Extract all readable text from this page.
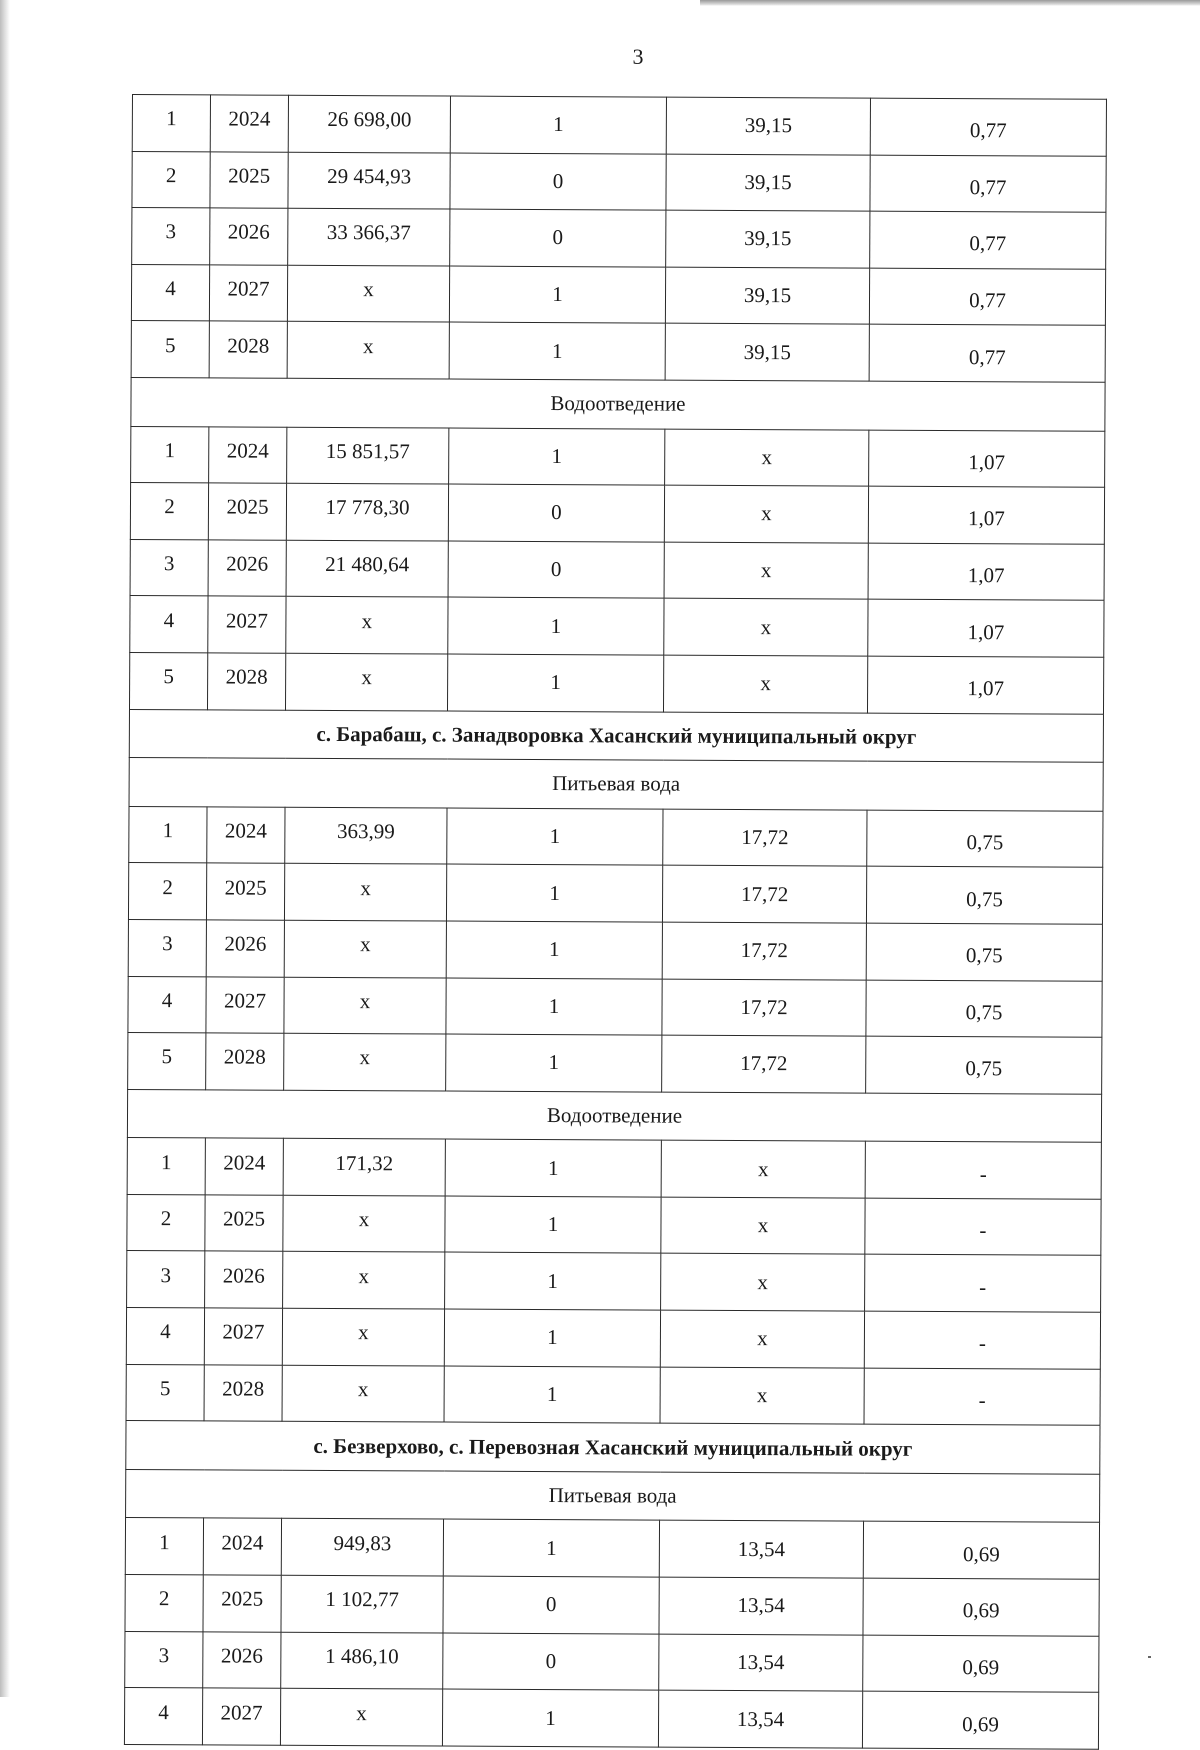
3
1	2024	26 698,00	1	39,15	0,77
2	2025	29 454,93	0	39,15	0,77
3	2026	33 366,37	0	39,15	0,77
4	2027	x	1	39,15	0,77
5	2028	x	1	39,15	0,77
Водоотведение					
1	2024	15 851,57	1	x	1,07
2	2025	17 778,30	0	x	1,07
3	2026	21 480,64	0	x	1,07
4	2027	x	1	x	1,07
5	2028	x	1	x	1,07
с. Барабаш, с. Занадворовка Хасанский муниципальный округ					
Питьевая вода					
1	2024	363,99	1	17,72	0,75
2	2025	x	1	17,72	0,75
3	2026	x	1	17,72	0,75
4	2027	x	1	17,72	0,75
5	2028	x	1	17,72	0,75
Водоотведение					
1	2024	171,32	1	x	-
2	2025	x	1	x	-
3	2026	x	1	x	-
4	2027	x	1	x	-
5	2028	x	1	x	-
с. Безверхово, с. Перевозная Хасанский муниципальный округ					
Питьевая вода					
1	2024	949,83	1	13,54	0,69
2	2025	1 102,77	0	13,54	0,69
3	2026	1 486,10	0	13,54	0,69
4	2027	x	1	13,54	0,69
